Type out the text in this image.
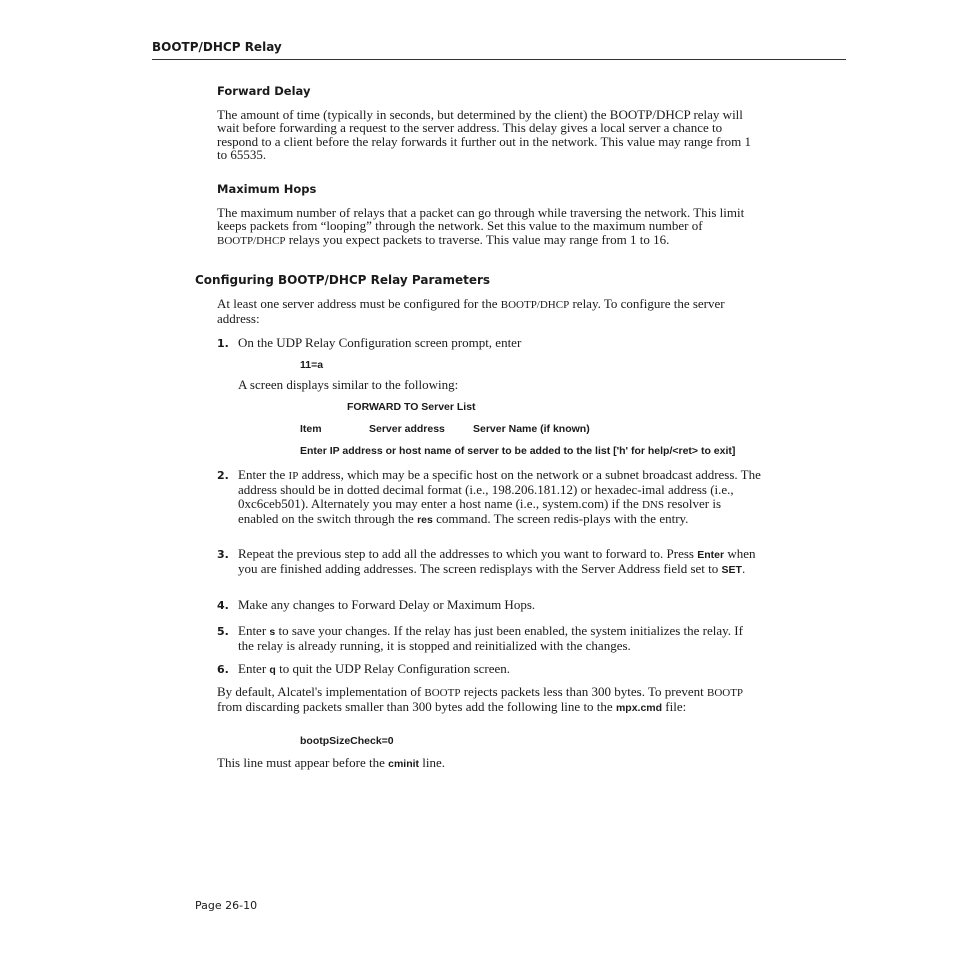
BOOTP/DHCP Relay
Forward Delay
The amount of time (typically in seconds, but determined by the client) the BOOTP/DHCP relay will wait before forwarding a request to the server address. This delay gives a local server a chance to respond to a client before the relay forwards it further out in the network. This value may range from 1 to 65535.
Maximum Hops
The maximum number of relays that a packet can go through while traversing the network. This limit keeps packets from “looping” through the network. Set this value to the maximum number of BOOTP/DHCP relays you expect packets to traverse. This value may range from 1 to 16.
Configuring BOOTP/DHCP Relay Parameters
At least one server address must be configured for the BOOTP/DHCP relay. To configure the server address:
1. On the UDP Relay Configuration screen prompt, enter
11=a
A screen displays similar to the following:
FORWARD TO Server List
Item	Server address	Server Name (if known)
Enter IP address or host name of server to be added to the list ['h' for help/<ret> to exit]
2. Enter the IP address, which may be a specific host on the network or a subnet broadcast address. The address should be in dotted decimal format (i.e., 198.206.181.12) or hexadec-imal address (i.e., 0xc6ceb501). Alternately you may enter a host name (i.e., system.com) if the DNS resolver is enabled on the switch through the res command. The screen redis-plays with the entry.
3. Repeat the previous step to add all the addresses to which you want to forward to. Press Enter when you are finished adding addresses. The screen redisplays with the Server Address field set to SET.
4. Make any changes to Forward Delay or Maximum Hops.
5. Enter s to save your changes. If the relay has just been enabled, the system initializes the relay. If the relay is already running, it is stopped and reinitialized with the changes.
6. Enter q to quit the UDP Relay Configuration screen.
By default, Alcatel's implementation of BOOTP rejects packets less than 300 bytes. To prevent BOOTP from discarding packets smaller than 300 bytes add the following line to the mpx.cmd file:
bootpSizeCheck=0
This line must appear before the cminit line.
Page 26-10
